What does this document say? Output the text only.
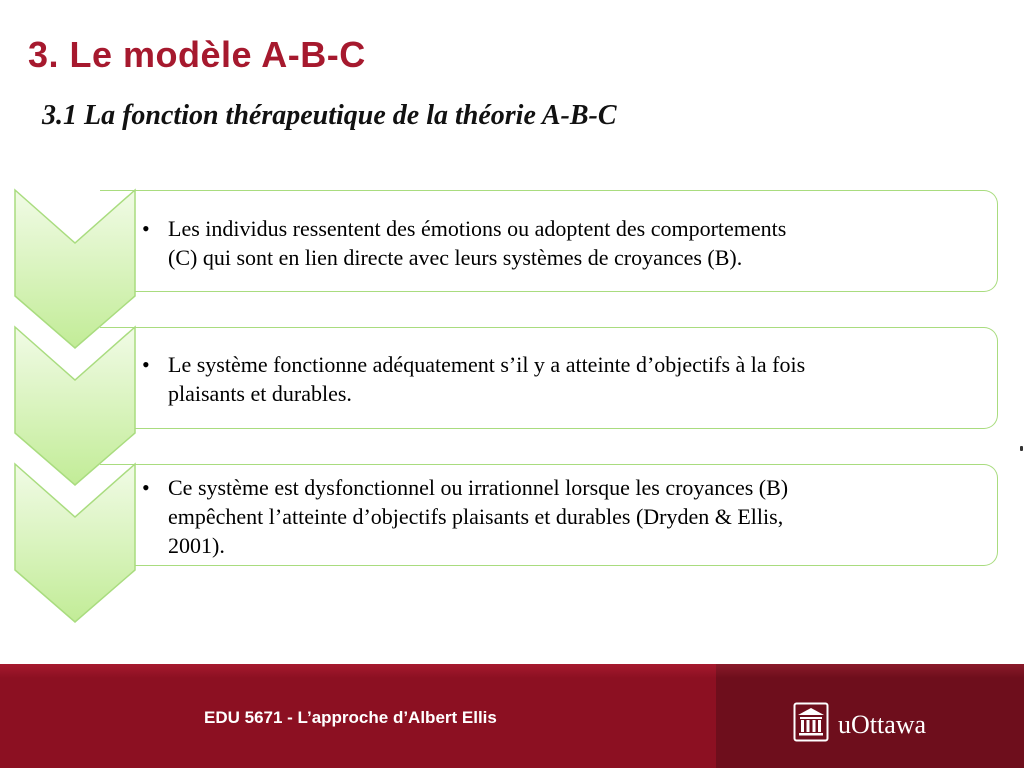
3. Le modèle A-B-C
3.1 La fonction thérapeutique de la théorie A-B-C
• Les individus ressentent des émotions ou adoptent des comportements
(C) qui sont en lien directe avec leurs systèmes de croyances (B).
• Le système fonctionne adéquatement s’il y a atteinte d’objectifs à la fois
plaisants et durables.
• Ce système est dysfonctionnel ou irrationnel lorsque les croyances (B)
empêchent l’atteinte d’objectifs plaisants et durables (Dryden & Ellis,
2001).
EDU 5671 - L’approche d’Albert Ellis	uOttawa
